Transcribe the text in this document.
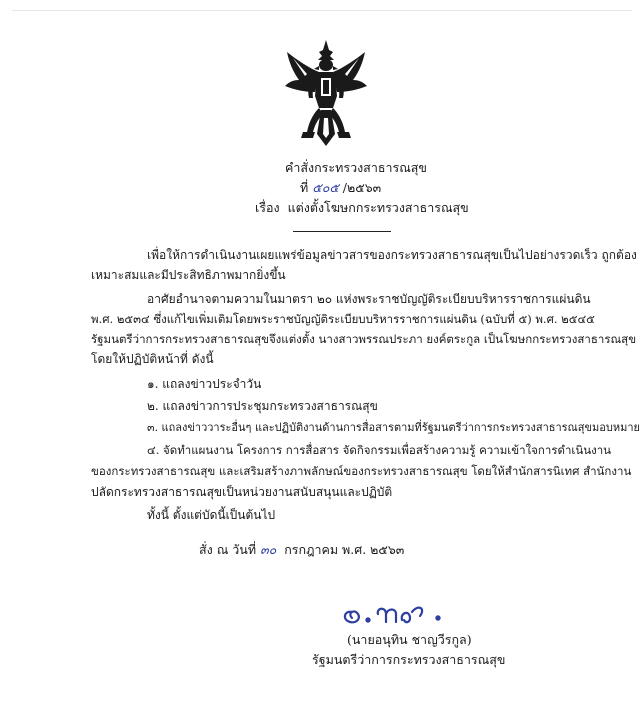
คำสั่งกระทรวงสาธารณสุข
ที่ ๕๐๕ /๒๕๖๓
เรื่อง แต่งตั้งโฆษกกระทรวงสาธารณสุข
เพื่อให้การดำเนินงานเผยแพร่ข้อมูลข่าวสารของกระทรวงสาธารณสุขเป็นไปอย่างรวดเร็ว ถูกต้อง
เหมาะสมและมีประสิทธิภาพมากยิ่งขึ้น
อาศัยอำนาจตามความในมาตรา ๒๐ แห่งพระราชบัญญัติระเบียบบริหารราชการแผ่นดิน
พ.ศ. ๒๕๓๔ ซึ่งแก้ไขเพิ่มเติมโดยพระราชบัญญัติระเบียบบริหารราชการแผ่นดิน (ฉบับที่ ๕) พ.ศ. ๒๕๔๕
รัฐมนตรีว่าการกระทรวงสาธารณสุขจึงแต่งตั้ง นางสาวพรรณประภา ยงค์ตระกูล เป็นโฆษกกระทรวงสาธารณสุข
โดยให้ปฏิบัติหน้าที่ ดังนี้
๑. แถลงข่าวประจำวัน
๒. แถลงข่าวการประชุมกระทรวงสาธารณสุข
๓. แถลงข่าววาระอื่นๆ และปฏิบัติงานด้านการสื่อสารตามที่รัฐมนตรีว่าการกระทรวงสาธารณสุขมอบหมาย
๔. จัดทำแผนงาน โครงการ การสื่อสาร จัดกิจกรรมเพื่อสร้างความรู้ ความเข้าใจการดำเนินงาน
ของกระทรวงสาธารณสุข และเสริมสร้างภาพลักษณ์ของกระทรวงสาธารณสุข โดยให้สำนักสารนิเทศ สำนักงาน
ปลัดกระทรวงสาธารณสุขเป็นหน่วยงานสนับสนุนและปฏิบัติ
ทั้งนี้ ตั้งแต่บัดนี้เป็นต้นไป
สั่ง ณ วันที่ ๓๐ กรกฎาคม พ.ศ. ๒๕๖๓
(นายอนุทิน ชาญวีรกูล)
รัฐมนตรีว่าการกระทรวงสาธารณสุข
